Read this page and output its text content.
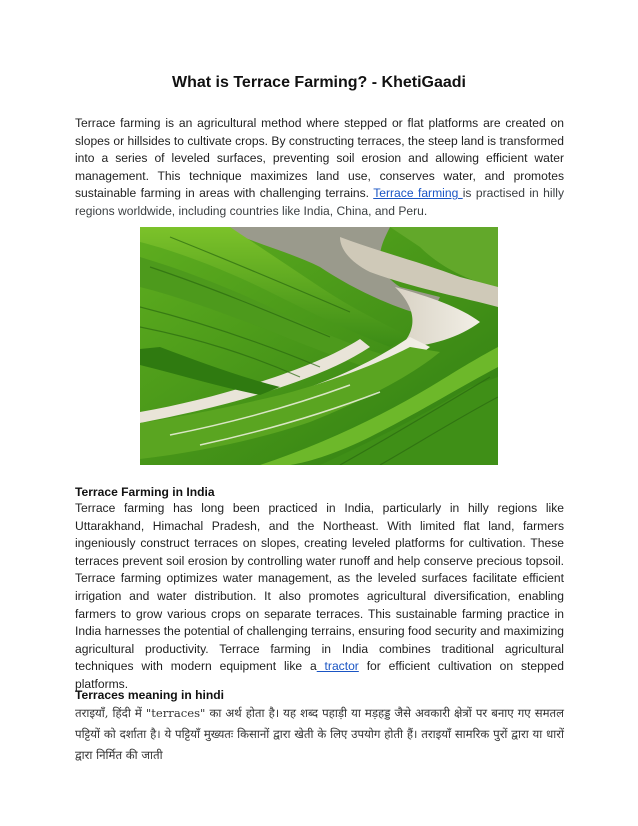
What is Terrace Farming? - KhetiGaadi
Terrace farming is an agricultural method where stepped or flat platforms are created on slopes or hillsides to cultivate crops. By constructing terraces, the steep land is transformed into a series of leveled surfaces, preventing soil erosion and allowing efficient water management. This technique maximizes land use, conserves water, and promotes sustainable farming in areas with challenging terrains. Terrace farming is practised in hilly regions worldwide, including countries like India, China, and Peru.
Terrace Farming in India
Terrace farming has long been practiced in India, particularly in hilly regions like Uttarakhand, Himachal Pradesh, and the Northeast. With limited flat land, farmers ingeniously construct terraces on slopes, creating leveled platforms for cultivation. These terraces prevent soil erosion by controlling water runoff and help conserve precious topsoil. Terrace farming optimizes water management, as the leveled surfaces facilitate efficient irrigation and water distribution. It also promotes agricultural diversification, enabling farmers to grow various crops on separate terraces. This sustainable farming practice in India harnesses the potential of challenging terrains, ensuring food security and maximizing agricultural productivity. Terrace farming in India combines traditional agricultural techniques with modern equipment like a tractor for efficient cultivation on stepped platforms.
Terraces meaning in hindi
तराइयाँ, हिंदी में "terraces" का अर्थ होता है। यह शब्द पहाड़ी या मड़हड्ड जैसे अवकारी क्षेत्रों पर बनाए गए समतल पट्टियों को दर्शाता है। ये पट्टियाँ मुख्यतः किसानों द्वारा खेती के लिए उपयोग होती हैं। तराइयाँ सामरिक पुरों द्वारा या धारों द्वारा निर्मित की जाती
